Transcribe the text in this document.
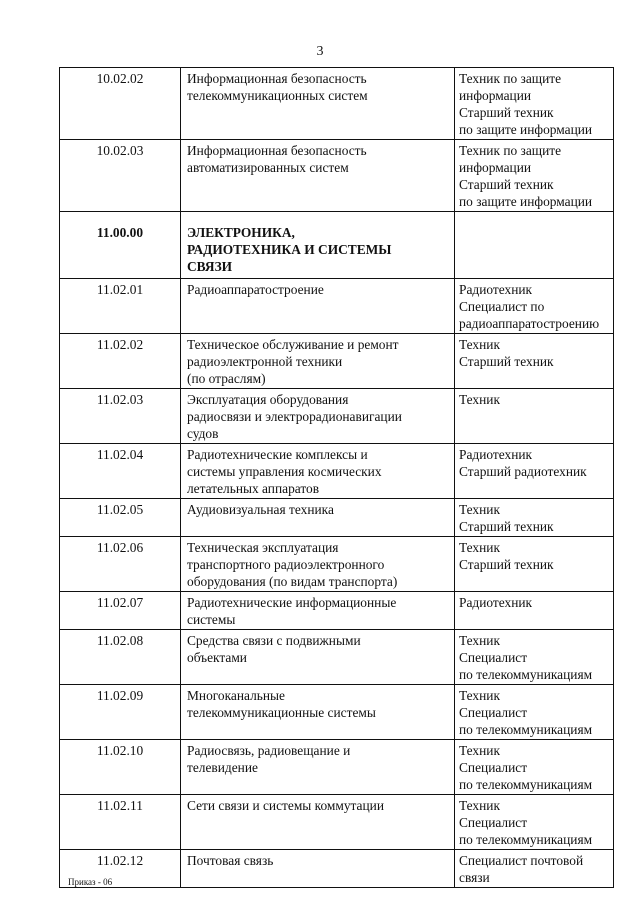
3
10.02.02	Информационная безопасность
телекоммуникационных систем	Техник по защите
информации
Старший техник
по защите информации
10.02.03	Информационная безопасность
автоматизированных систем	Техник по защите
информации
Старший техник
по защите информации
11.00.00	ЭЛЕКТРОНИКА,
РАДИОТЕХНИКА И СИСТЕМЫ
СВЯЗИ	
11.02.01	Радиоаппаратостроение	Радиотехник
Специалист по
радиоаппаратостроению
11.02.02	Техническое обслуживание и ремонт
радиоэлектронной техники
(по отраслям)	Техник
Старший техник
11.02.03	Эксплуатация оборудования
радиосвязи и электрорадионавигации
судов	Техник
11.02.04	Радиотехнические комплексы и
системы управления космических
летательных аппаратов	Радиотехник
Старший радиотехник
11.02.05	Аудиовизуальная техника	Техник
Старший техник
11.02.06	Техническая эксплуатация
транспортного радиоэлектронного
оборудования (по видам транспорта)	Техник
Старший техник
11.02.07	Радиотехнические информационные
системы	Радиотехник
11.02.08	Средства связи с подвижными
объектами	Техник
Специалист
по телекоммуникациям
11.02.09	Многоканальные
телекоммуникационные системы	Техник
Специалист
по телекоммуникациям
11.02.10	Радиосвязь, радиовещание и
телевидение	Техник
Специалист
по телекоммуникациям
11.02.11	Сети связи и системы коммутации	Техник
Специалист
по телекоммуникациям
11.02.12	Почтовая связь	Специалист почтовой
связи
Приказ - 06
